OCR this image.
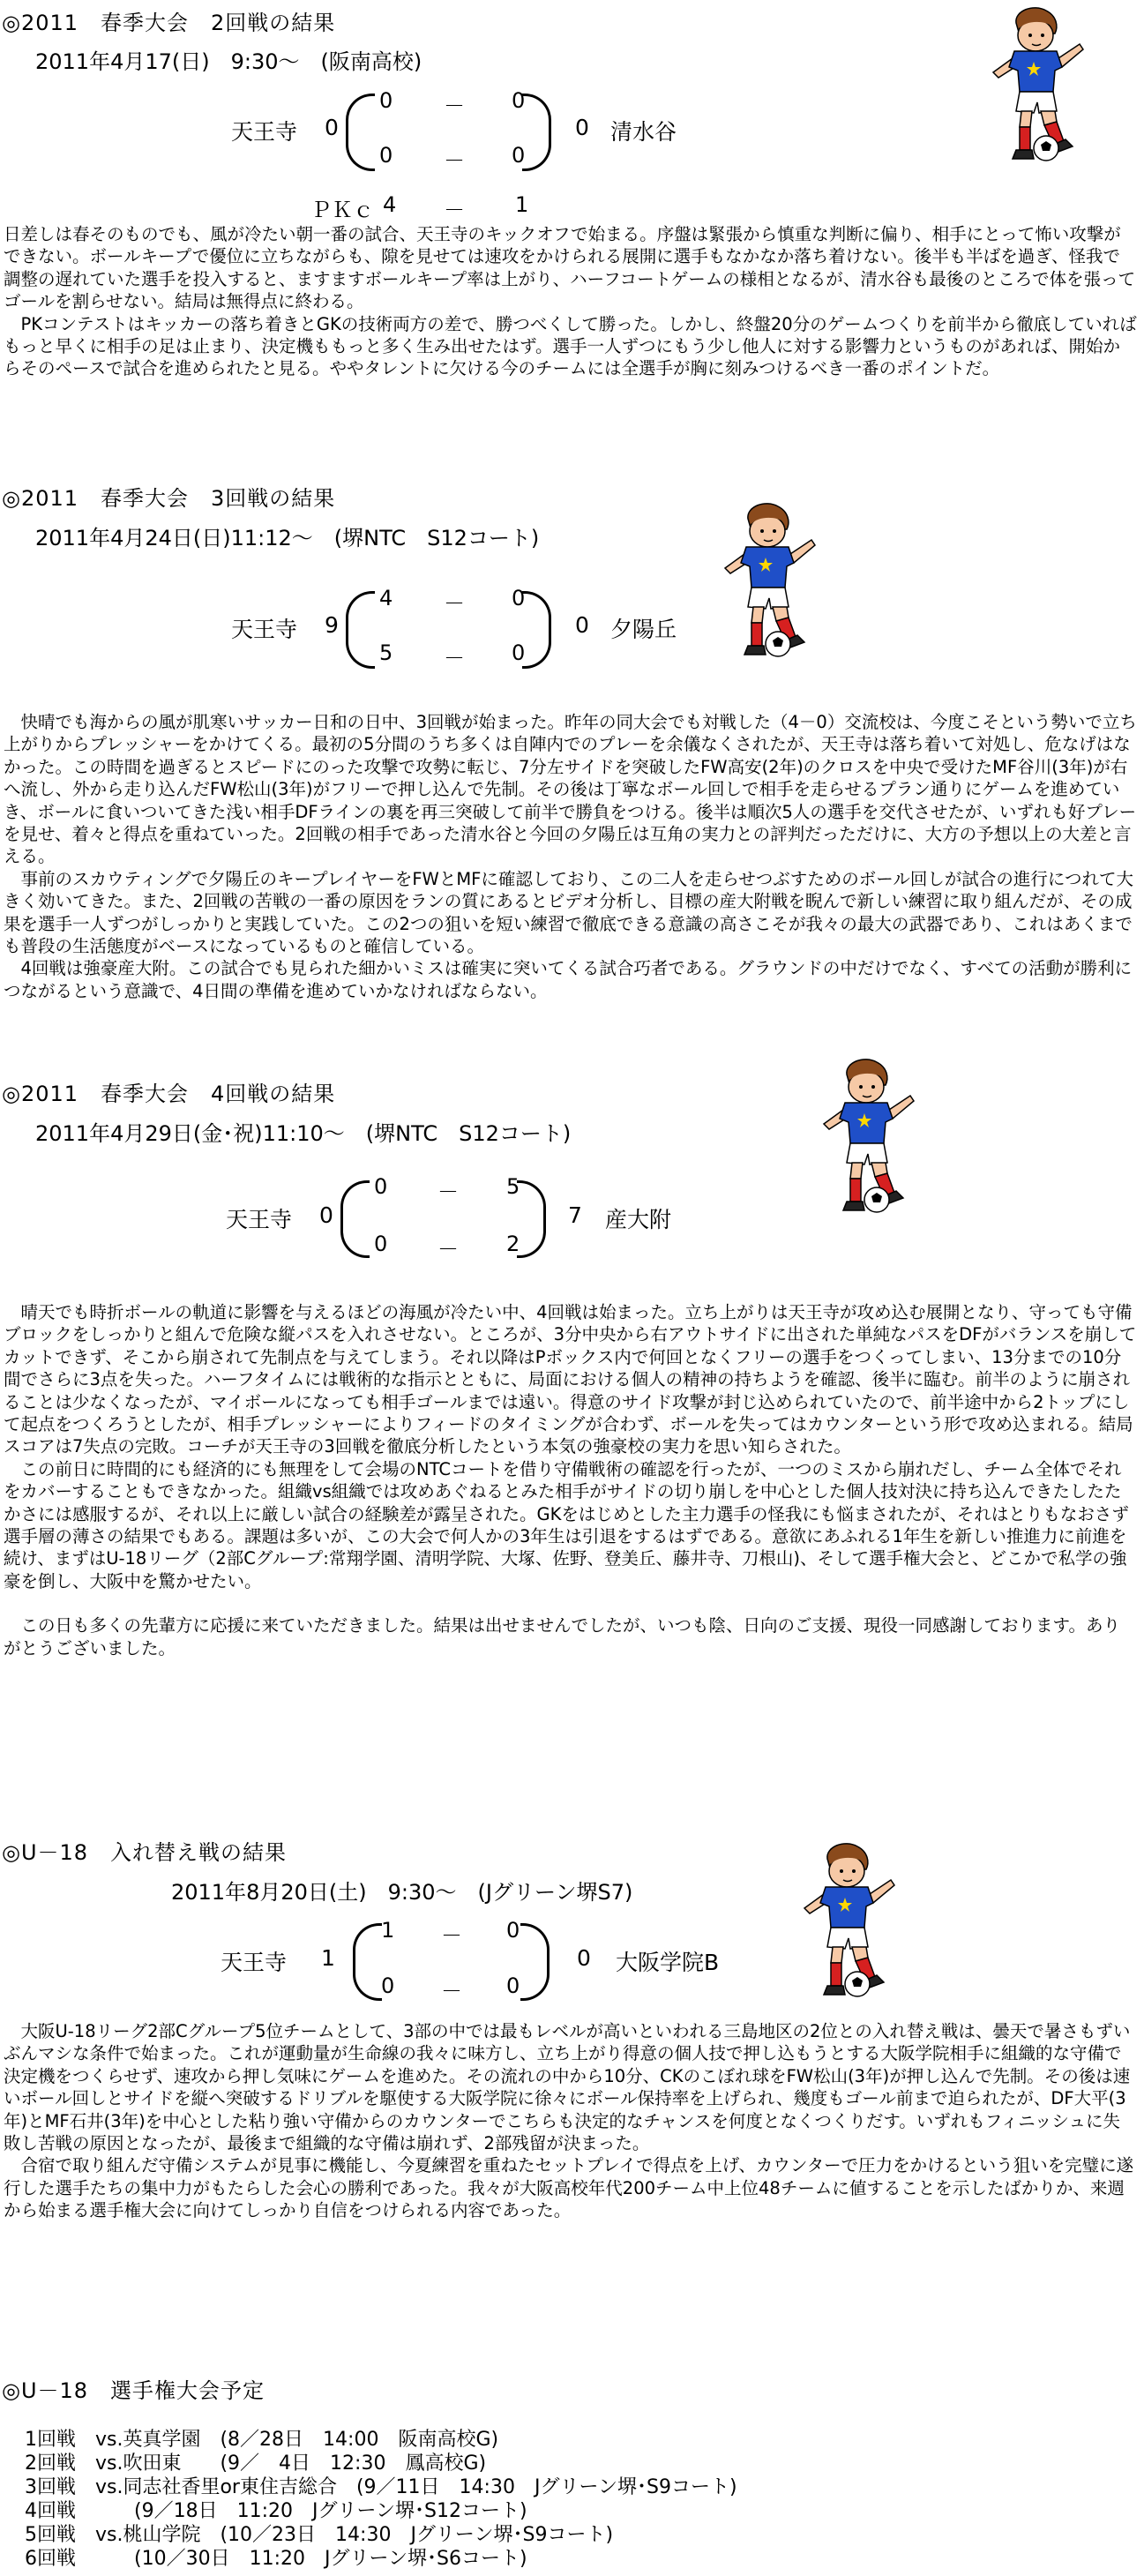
◎2011　春季大会　2回戦の結果
2011年4月17(日)　9:30～　(阪南高校)
天王寺 0
0 － 0
0 － 0
0 清水谷
ＰＫｃ 4 － 1

日差しは春そのものでも、風が冷たい朝一番の試合、天王寺のキックオフで始まる。序盤は緊張から慎重な判断に偏り、相手にとって怖い攻撃ができない。ボールキープで優位に立ちながらも、隙を見せては速攻をかけられる展開に選手もなかなか落ち着けない。後半も半ばを過ぎ、怪我で調整の遅れていた選手を投入すると、ますますボールキープ率は上がり、ハーフコートゲームの様相となるが、清水谷も最後のところで体を張ってゴールを割らせない。結局は無得点に終わる。

　PKコンテストはキッカーの落ち着きとGKの技術両方の差で、勝つべくして勝った。しかし、終盤20分のゲームつくりを前半から徹底していればもっと早くに相手の足は止まり、決定機ももっと多く生み出せたはず。選手一人ずつにもう少し他人に対する影響力というものがあれば、開始からそのペースで試合を進められたと見る。ややタレントに欠ける今のチームには全選手が胸に刻みつけるべき一番のポイントだ。

◎2011　春季大会　3回戦の結果
2011年4月24日(日)11:12～　(堺NTC　S12コート)
天王寺 9
4 － 0
5 － 0
0 夕陽丘

　快晴でも海からの風が肌寒いサッカー日和の日中、3回戦が始まった。昨年の同大会でも対戦した（4－0）交流校は、今度こそという勢いで立ち上がりからプレッシャーをかけてくる。最初の5分間のうち多くは自陣内でのプレーを余儀なくされたが、天王寺は落ち着いて対処し、危なげはなかった。この時間を過ぎるとスピードにのった攻撃で攻勢に転じ、7分左サイドを突破したFW高安(2年)のクロスを中央で受けたMF谷川(3年)が右へ流し、外から走り込んだFW松山(3年)がフリーで押し込んで先制。その後は丁寧なボール回しで相手を走らせるプラン通りにゲームを進めていき、ボールに食いついてきた浅い相手DFラインの裏を再三突破して前半で勝負をつける。後半は順次5人の選手を交代させたが、いずれも好プレーを見せ、着々と得点を重ねていった。2回戦の相手であった清水谷と今回の夕陽丘は互角の実力との評判だっただけに、大方の予想以上の大差と言える。

　事前のスカウティングで夕陽丘のキープレイヤーをFWとMFに確認しており、この二人を走らせつぶすためのボール回しが試合の進行につれて大きく効いてきた。また、2回戦の苦戦の一番の原因をランの質にあるとビデオ分析し、目標の産大附戦を睨んで新しい練習に取り組んだが、その成果を選手一人ずつがしっかりと実践していた。この2つの狙いを短い練習で徹底できる意識の高さこそが我々の最大の武器であり、これはあくまでも普段の生活態度がベースになっているものと確信している。

　4回戦は強豪産大附。この試合でも見られた細かいミスは確実に突いてくる試合巧者である。グラウンドの中だけでなく、すべての活動が勝利につながるという意識で、4日間の準備を進めていかなければならない。

◎2011　春季大会　4回戦の結果
2011年4月29日(金･祝)11:10～　(堺NTC　S12コート)
天王寺 0
0 － 5
0 － 2
7 産大附

　晴天でも時折ボールの軌道に影響を与えるほどの海風が冷たい中、4回戦は始まった。立ち上がりは天王寺が攻め込む展開となり、守っても守備ブロックをしっかりと組んで危険な縦パスを入れさせない。ところが、3分中央から右アウトサイドに出された単純なパスをDFがバランスを崩してカットできず、そこから崩されて先制点を与えてしまう。それ以降はPボックス内で何回となくフリーの選手をつくってしまい、13分までの10分間でさらに3点を失った。ハーフタイムには戦術的な指示とともに、局面における個人の精神の持ちようを確認、後半に臨む。前半のように崩されることは少なくなったが、マイボールになっても相手ゴールまでは遠い。得意のサイド攻撃が封じ込められていたので、前半途中から2トップにして起点をつくろうとしたが、相手プレッシャーによりフィードのタイミングが合わず、ボールを失ってはカウンターという形で攻め込まれる。結局スコアは7失点の完敗。コーチが天王寺の3回戦を徹底分析したという本気の強豪校の実力を思い知らされた。

　この前日に時間的にも経済的にも無理をして会場のNTCコートを借り守備戦術の確認を行ったが、一つのミスから崩れだし、チーム全体でそれをカバーすることもできなかった。組織vs組織では攻めあぐねるとみた相手がサイドの切り崩しを中心とした個人技対決に持ち込んできたしたたかさには感服するが、それ以上に厳しい試合の経験差が露呈された。GKをはじめとした主力選手の怪我にも悩まされたが、それはとりもなおさず選手層の薄さの結果でもある。課題は多いが、この大会で何人かの3年生は引退をするはずである。意欲にあふれる1年生を新しい推進力に前進を続け、まずはU-18リーグ（2部Cグループ:常翔学園、清明学院、大塚、佐野、登美丘、藤井寺、刀根山)、そして選手権大会と、どこかで私学の強豪を倒し、大阪中を驚かせたい。

　この日も多くの先輩方に応援に来ていただきました。結果は出せませんでしたが、いつも陰、日向のご支援、現役一同感謝しております。ありがとうございました。

◎U－18　入れ替え戦の結果
2011年8月20日(土)　9:30～　(Jグリーン堺S7)
天王寺 1
1 － 0
0 － 0
0 大阪学院B

　大阪U-18リーグ2部Cグループ5位チームとして、3部の中では最もレベルが高いといわれる三島地区の2位との入れ替え戦は、曇天で暑さもずいぶんマシな条件で始まった。これが運動量が生命線の我々に味方し、立ち上がり得意の個人技で押し込もうとする大阪学院相手に組織的な守備で決定機をつくらせず、速攻から押し気味にゲームを進めた。その流れの中から10分、CKのこぼれ球をFW松山(3年)が押し込んで先制。その後は速いボール回しとサイドを縦へ突破するドリブルを駆使する大阪学院に徐々にボール保持率を上げられ、幾度もゴール前まで迫られたが、DF大平(3年)とMF石井(3年)を中心とした粘り強い守備からのカウンターでこちらも決定的なチャンスを何度となくつくりだす。いずれもフィニッシュに失敗し苦戦の原因となったが、最後まで組織的な守備は崩れず、2部残留が決まった。

　合宿で取り組んだ守備システムが見事に機能し、今夏練習を重ねたセットプレイで得点を上げ、カウンターで圧力をかけるという狙いを完璧に遂行した選手たちの集中力がもたらした会心の勝利であった。我々が大阪高校年代200チーム中上位48チームに値することを示したばかりか、来週から始まる選手権大会に向けてしっかり自信をつけられる内容であった。

◎U－18　選手権大会予定
1回戦　vs.英真学園　(8／28日　14:00　阪南高校G)
2回戦　vs.吹田東　　(9／　4日　12:30　鳳高校G)
3回戦　vs.同志社香里or東住吉総合　(9／11日　14:30　Jグリーン堺･S9コート)
4回戦　　　(9／18日　11:20　Jグリーン堺･S12コート)
5回戦　vs.桃山学院　(10／23日　14:30　Jグリーン堺･S9コート)
6回戦　　　(10／30日　11:20　Jグリーン堺･S6コート)
